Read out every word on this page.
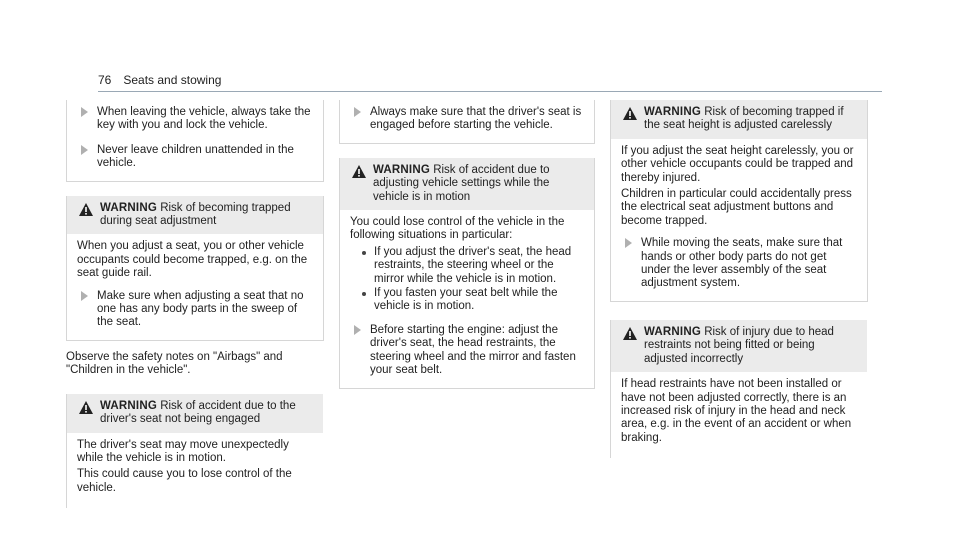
76 Seats and stowing
When leaving the vehicle, always take the key with you and lock the vehicle.
Never leave children unattended in the vehicle.
WARNING Risk of becoming trapped during seat adjustment

When you adjust a seat, you or other vehicle occupants could become trapped, e.g. on the seat guide rail.

Make sure when adjusting a seat that no one has any body parts in the sweep of the seat.

Observe the safety notes on "Airbags" and "Children in the vehicle".

WARNING Risk of accident due to the driver's seat not being engaged

The driver's seat may move unexpectedly while the vehicle is in motion.

This could cause you to lose control of the vehicle.

Always make sure that the driver's seat is engaged before starting the vehicle.
WARNING Risk of accident due to adjusting vehicle settings while the vehicle is in motion

You could lose control of the vehicle in the following situations in particular:

If you adjust the driver's seat, the head restraints, the steering wheel or the mirror while the vehicle is in motion.
If you fasten your seat belt while the vehicle is in motion.
Before starting the engine: adjust the driver's seat, the head restraints, the steering wheel and the mirror and fasten your seat belt.
WARNING Risk of becoming trapped if the seat height is adjusted carelessly

If you adjust the seat height carelessly, you or other vehicle occupants could be trapped and thereby injured.

Children in particular could accidentally press the electrical seat adjustment buttons and become trapped.

While moving the seats, make sure that hands or other body parts do not get under the lever assembly of the seat adjustment system.
WARNING Risk of injury due to head restraints not being fitted or being adjusted incorrectly

If head restraints have not been installed or have not been adjusted correctly, there is an increased risk of injury in the head and neck area, e.g. in the event of an accident or when braking.
